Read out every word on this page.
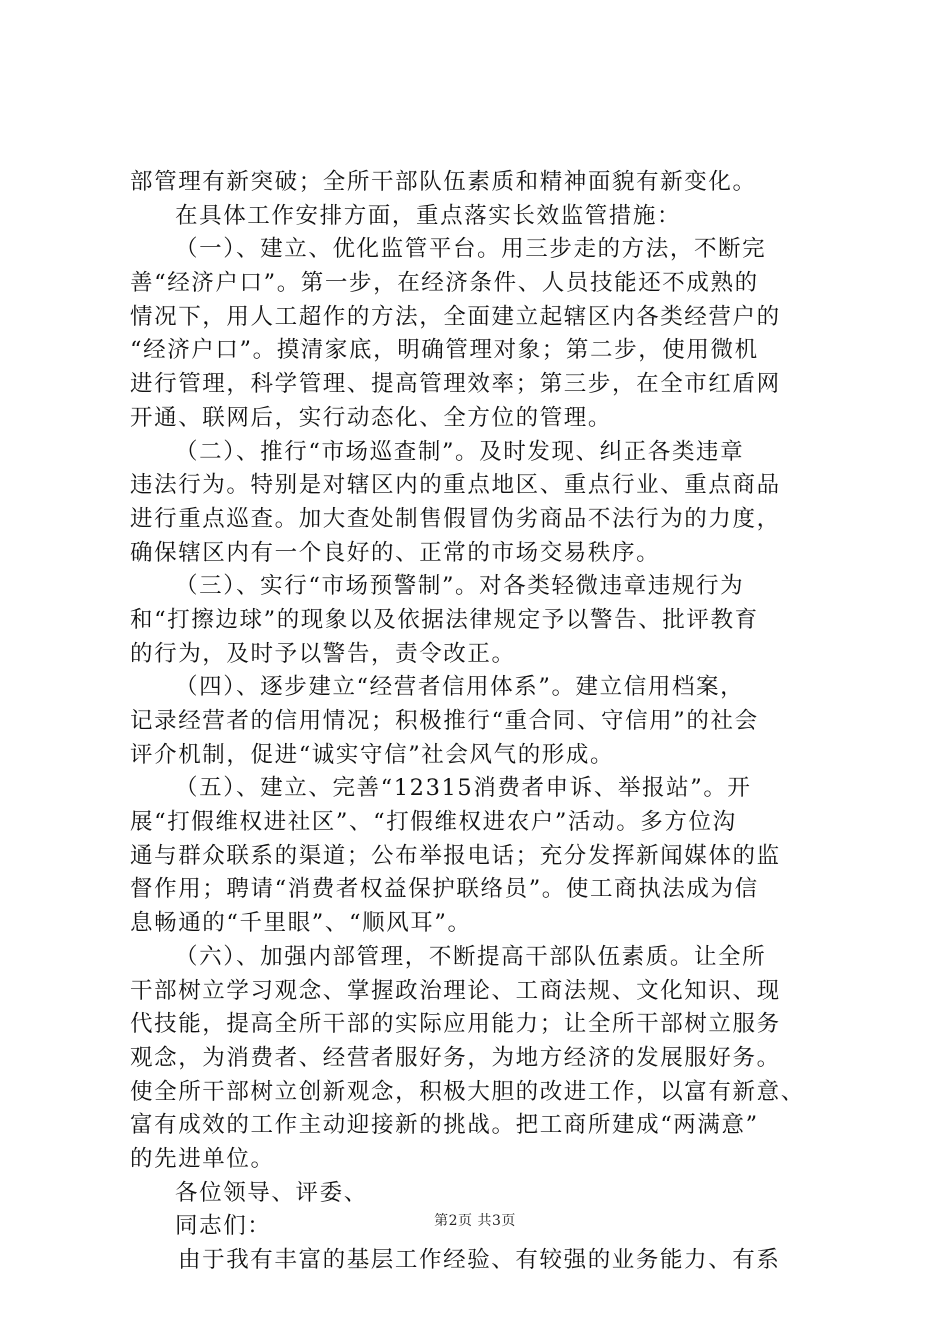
部管理有新突破；全所干部队伍素质和精神面貌有新变化。
在具体工作安排方面，重点落实长效监管措施：
（一）、建立、优化监管平台。用三步走的方法，不断完
善“经济户口”。第一步，在经济条件、人员技能还不成熟的
情况下，用人工超作的方法，全面建立起辖区内各类经营户的
“经济户口”。摸清家底，明确管理对象；第二步，使用微机
进行管理，科学管理、提高管理效率；第三步，在全市红盾网
开通、联网后，实行动态化、全方位的管理。
（二）、推行“市场巡查制”。及时发现、纠正各类违章
违法行为。特别是对辖区内的重点地区、重点行业、重点商品
进行重点巡查。加大查处制售假冒伪劣商品不法行为的力度，
确保辖区内有一个良好的、正常的市场交易秩序。
（三）、实行“市场预警制”。对各类轻微违章违规行为
和“打擦边球”的现象以及依据法律规定予以警告、批评教育
的行为，及时予以警告，责令改正。
（四）、逐步建立“经营者信用体系”。建立信用档案，
记录经营者的信用情况；积极推行“重合同、守信用”的社会
评介机制，促进“诚实守信”社会风气的形成。
（五）、建立、完善“12315消费者申诉、举报站”。开
展“打假维权进社区”、“打假维权进农户”活动。多方位沟
通与群众联系的渠道；公布举报电话；充分发挥新闻媒体的监
督作用；聘请“消费者权益保护联络员”。使工商执法成为信
息畅通的“千里眼”、“顺风耳”。
（六）、加强内部管理，不断提高干部队伍素质。让全所
干部树立学习观念、掌握政治理论、工商法规、文化知识、现
代技能，提高全所干部的实际应用能力；让全所干部树立服务
观念，为消费者、经营者服好务，为地方经济的发展服好务。
使全所干部树立创新观念，积极大胆的改进工作，以富有新意、
富有成效的工作主动迎接新的挑战。把工商所建成“两满意”
的先进单位。
各位领导、评委、
同志们：
由于我有丰富的基层工作经验、有较强的业务能力、有系
第2页 共3页
